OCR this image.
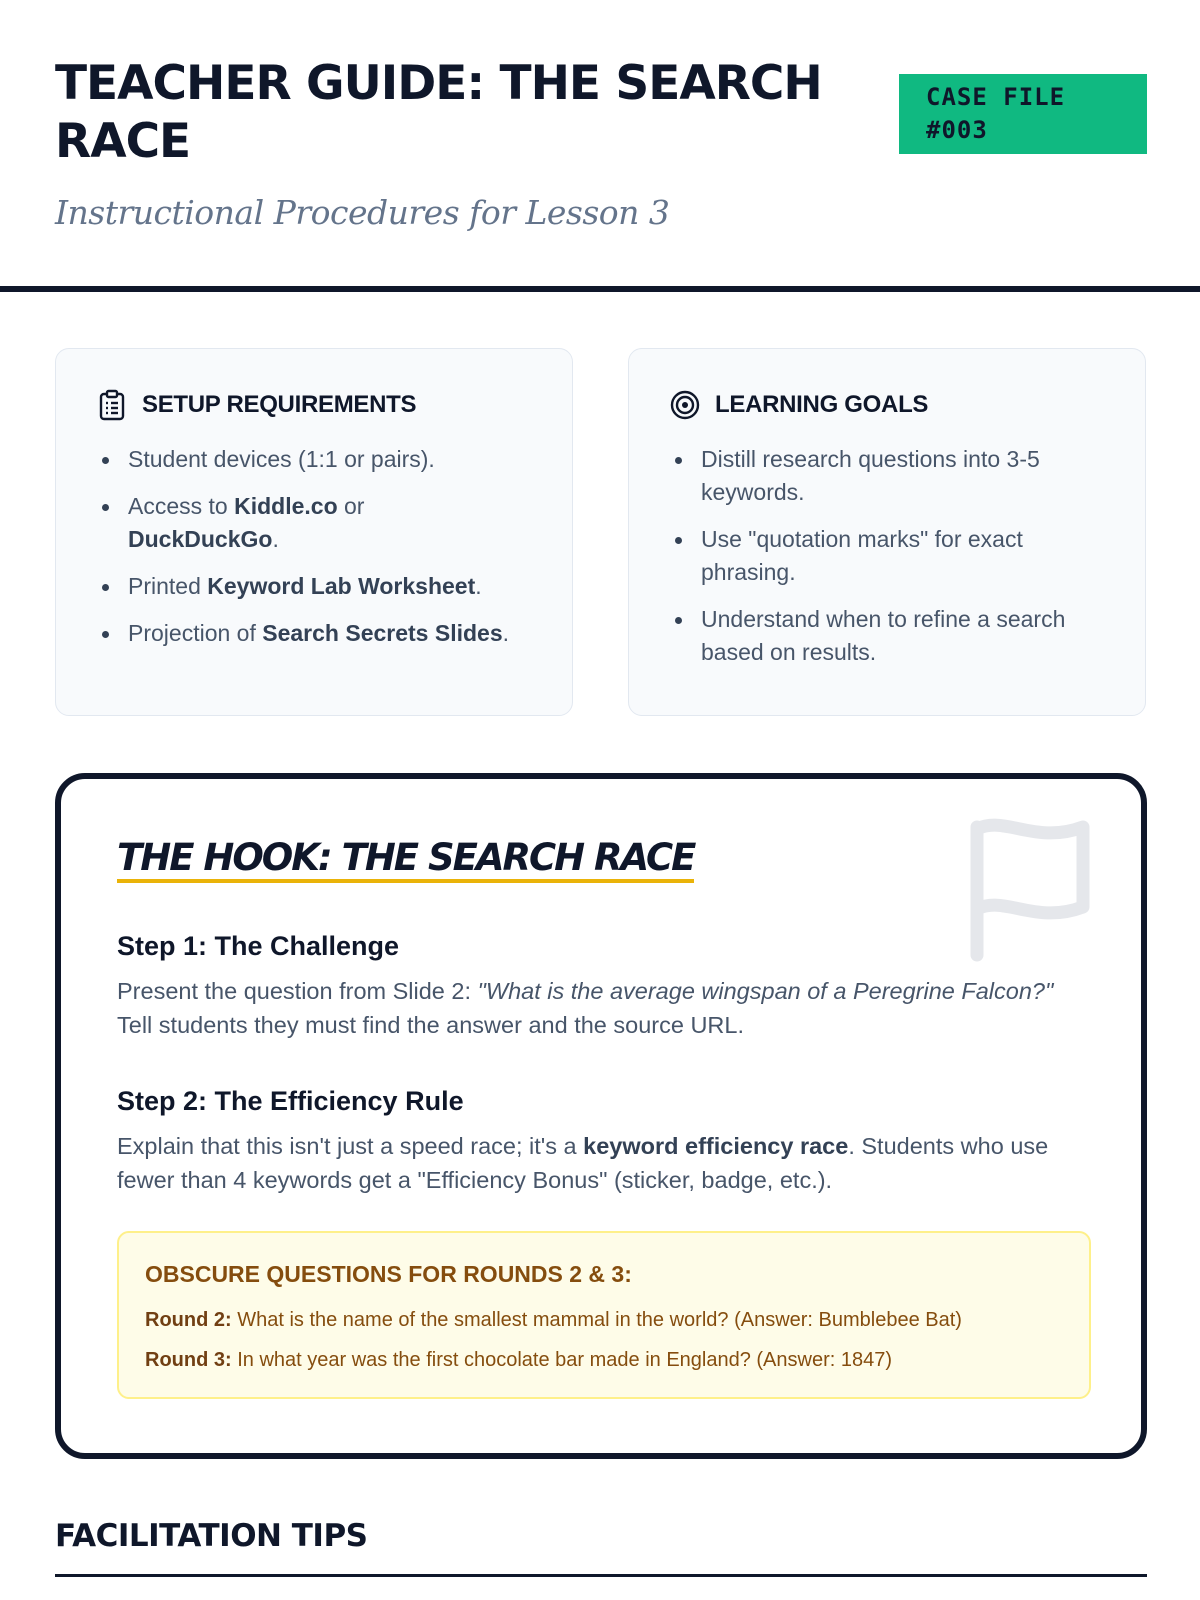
TEACHER GUIDE: THE SEARCH RACE
Instructional Procedures for Lesson 3
CASE FILE
#003
SETUP REQUIREMENTS
Student devices (1:1 or pairs).
Access to Kiddle.co or
DuckDuckGo.
Printed Keyword Lab Worksheet.
Projection of Search Secrets Slides.
LEARNING GOALS
Distill research questions into 3-5 keywords.
Use "quotation marks" for exact phrasing.
Understand when to refine a search based on results.
THE HOOK: THE SEARCH RACE
Step 1: The Challenge

Present the question from Slide 2: "What is the average wingspan of a Peregrine Falcon?" Tell students they must find the answer and the source URL.

Step 2: The Efficiency Rule

Explain that this isn't just a speed race; it's a keyword efficiency race. Students who use fewer than 4 keywords get a "Efficiency Bonus" (sticker, badge, etc.).

OBSCURE QUESTIONS FOR ROUNDS 2 & 3:
Round 2: What is the name of the smallest mammal in the world? (Answer: Bumblebee Bat)
Round 3: In what year was the first chocolate bar made in England? (Answer: 1847)
FACILITATION TIPS
